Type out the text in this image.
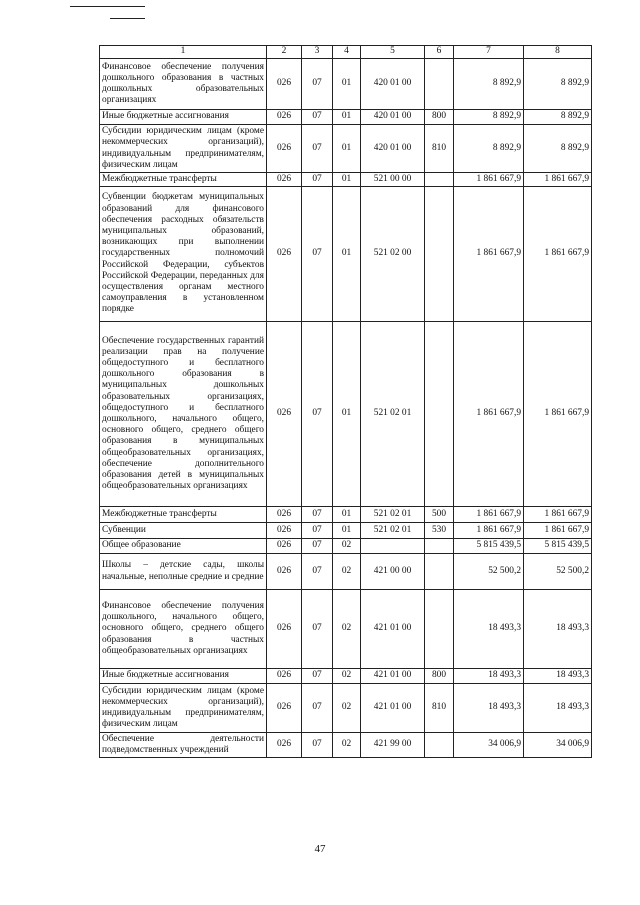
1	2	3	4	5	6	7	8
Финансовое обеспечение получения дошкольного образования в частных дошкольных образовательных организациях	026	07	01	420 01 00		8 892,9	8 892,9
Иные бюджетные ассигнования	026	07	01	420 01 00	800	8 892,9	8 892,9
Субсидии юридическим лицам (кроме некоммерческих организаций), индивидуальным предпринимателям, физическим лицам	026	07	01	420 01 00	810	8 892,9	8 892,9
Межбюджетные трансферты	026	07	01	521 00 00		1 861 667,9	1 861 667,9
Субвенции бюджетам муниципальных образований для финансового обеспечения расходных обязательств муниципальных образований, возникающих при выполнении государственных полномочий Российской Федерации, субъектов Российской Федерации, переданных для осуществления органам местного самоуправления в установленном порядке	026	07	01	521 02 00		1 861 667,9	1 861 667,9
Обеспечение государственных гарантий реализации прав на получение общедоступного и бесплатного дошкольного образования в муниципальных дошкольных образовательных организациях, общедоступного и бесплатного дошкольного, начального общего, основного общего, среднего общего образования в муниципальных общеобразовательных организациях, обеспечение дополнительного образования детей в муниципальных общеобразовательных организациях	026	07	01	521 02 01		1 861 667,9	1 861 667,9
Межбюджетные трансферты	026	07	01	521 02 01	500	1 861 667,9	1 861 667,9
Субвенции	026	07	01	521 02 01	530	1 861 667,9	1 861 667,9
Общее образование	026	07	02			5 815 439,5	5 815 439,5
Школы – детские сады, школы начальные, неполные средние и средние	026	07	02	421 00 00		52 500,2	52 500,2
Финансовое обеспечение получения дошкольного, начального общего, основного общего, среднего общего образования в частных общеобразовательных организациях	026	07	02	421 01 00		18 493,3	18 493,3
Иные бюджетные ассигнования	026	07	02	421 01 00	800	18 493,3	18 493,3
Субсидии юридическим лицам (кроме некоммерческих организаций), индивидуальным предпринимателям, физическим лицам	026	07	02	421 01 00	810	18 493,3	18 493,3
Обеспечение деятельности подведомственных учреждений	026	07	02	421 99 00		34 006,9	34 006,9
47
